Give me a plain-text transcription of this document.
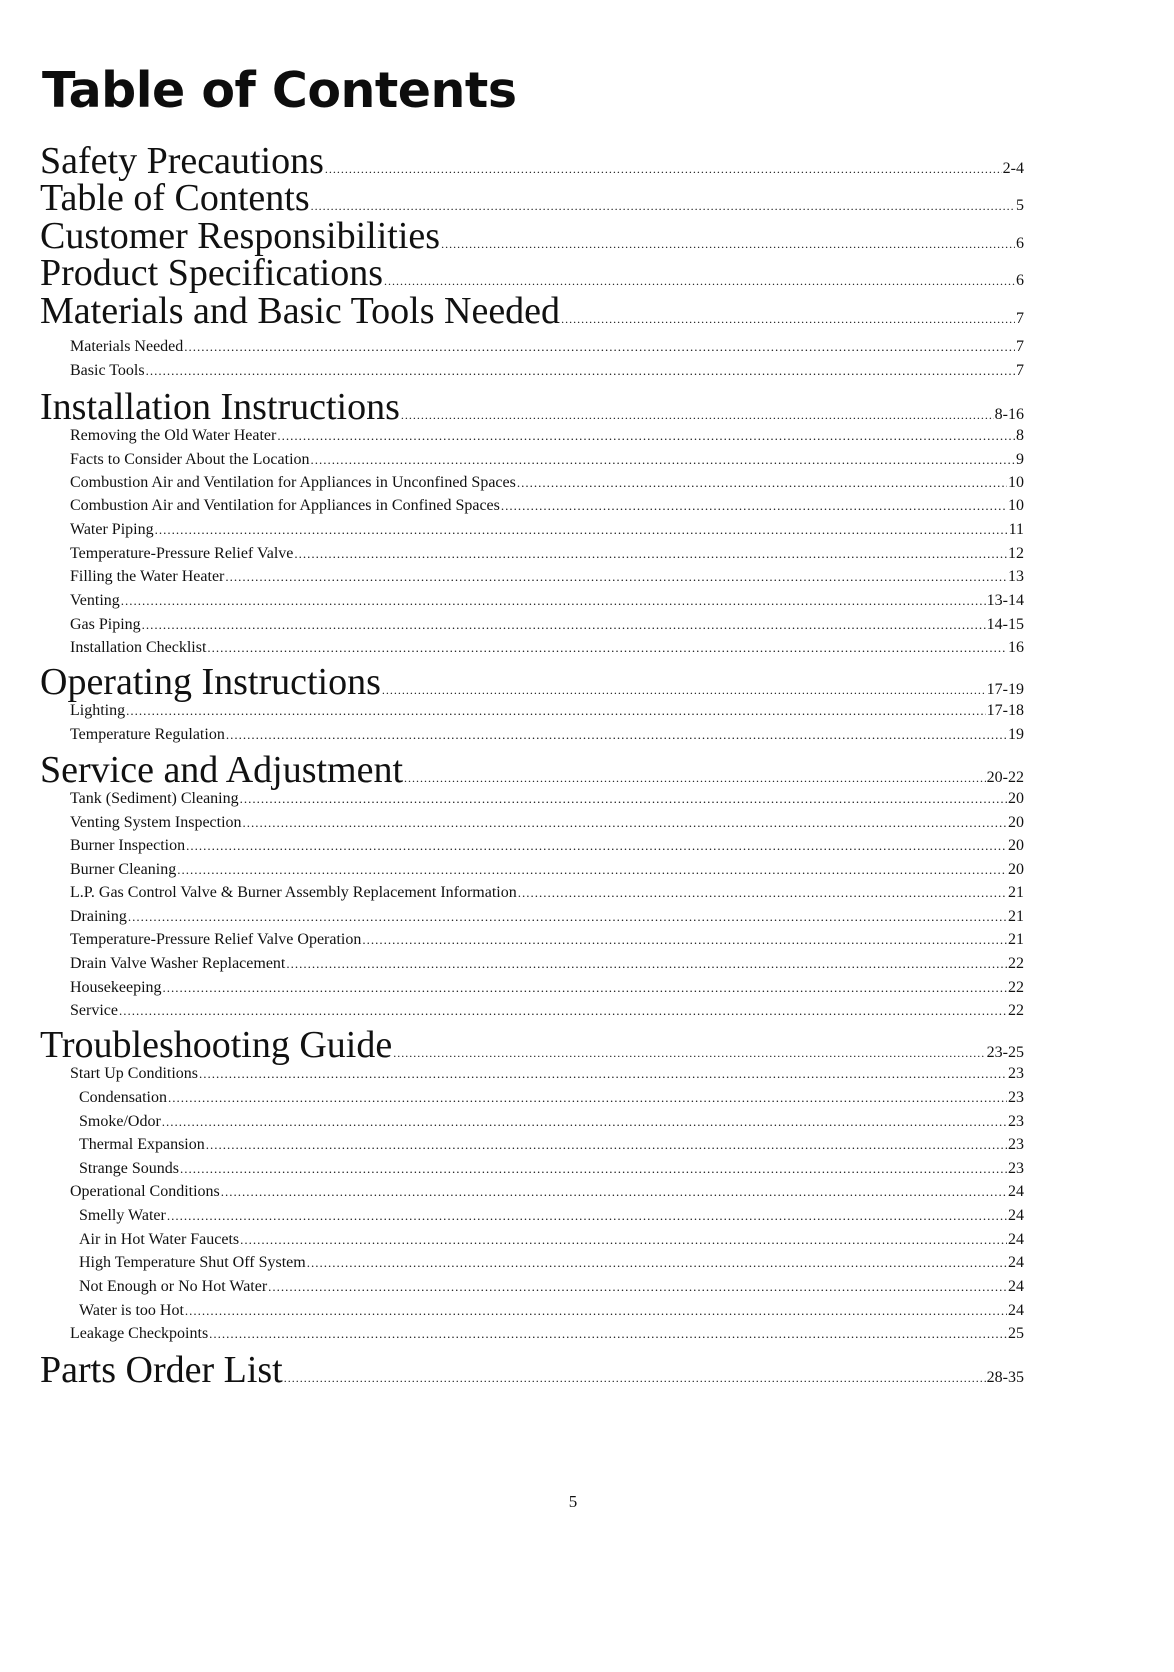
Table of Contents
Safety Precautions .....	2-4
Table of Contents .....	5
Customer Responsibilities .....	6
Product Specifications .....	6
Materials and Basic Tools Needed .....	7
Materials Needed .....	7
Basic Tools .....	7
Installation Instructions .....	8-16
Removing the Old Water Heater .....	8
Facts to Consider About the Location .....	9
Combustion Air and Ventilation for Appliances in Unconfined Spaces .....	10
Combustion Air and Ventilation for Appliances in Confined Spaces .....	10
Water Piping .....	11
Temperature-Pressure Relief Valve .....	12
Filling the Water Heater .....	13
Venting .....	13-14
Gas Piping .....	14-15
Installation Checklist .....	16
Operating Instructions .....	17-19
Lighting .....	17-18
Temperature Regulation .....	19
Service and Adjustment .....	20-22
Tank (Sediment) Cleaning .....	20
Venting System Inspection .....	20
Burner Inspection .....	20
Burner Cleaning .....	20
L.P. Gas Control Valve & Burner Assembly Replacement Information .....	21
Draining .....	21
Temperature-Pressure Relief Valve Operation .....	21
Drain Valve Washer Replacement .....	22
Housekeeping .....	22
Service .....	22
Troubleshooting Guide .....	23-25
Start Up Conditions .....	23
Condensation .....	23
Smoke/Odor .....	23
Thermal Expansion .....	23
Strange Sounds .....	23
Operational Conditions .....	24
Smelly Water .....	24
Air in Hot Water Faucets .....	24
High Temperature Shut Off System .....	24
Not Enough or No Hot Water .....	24
Water is too Hot .....	24
Leakage Checkpoints .....	25
Parts Order List .....	28-35
5
